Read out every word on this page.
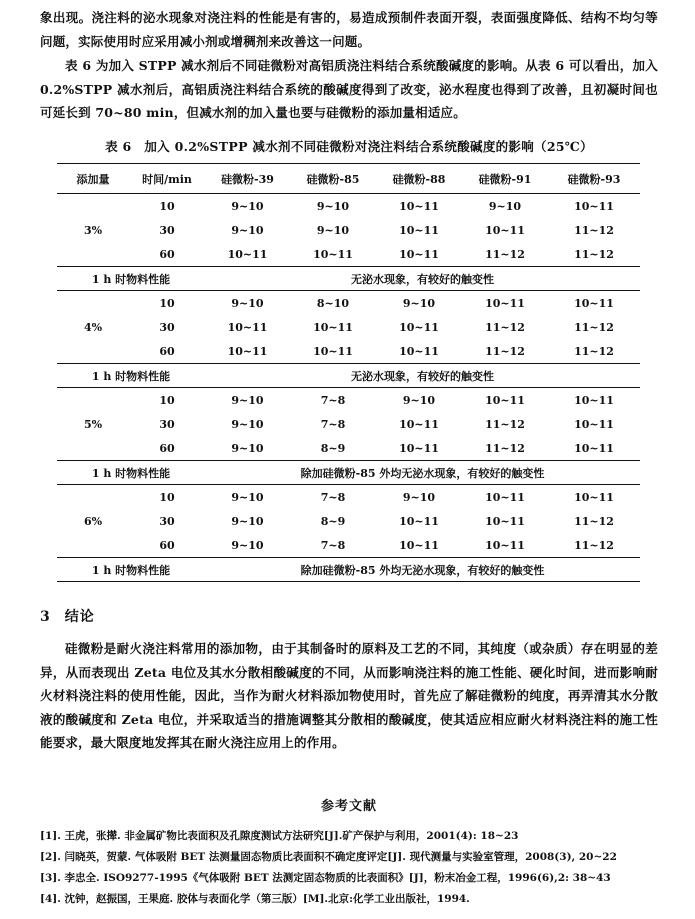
象出现。浇注料的泌水现象对浇注料的性能是有害的，易造成预制件表面开裂，表面强度降低、结构不均匀等问题，实际使用时应采用减小剂或增稠剂来改善这一问题。

表 6 为加入 STPP 减水剂后不同硅微粉对高铝质浇注料结合系统酸碱度的影响。从表 6 可以看出，加入 0.2%STPP 减水剂后，高铝质浇注料结合系统的酸碱度得到了改变，泌水程度也得到了改善，且初凝时间也可延长到 70~80 min，但减水剂的加入量也要与硅微粉的添加量相适应。

表 6　加入 0.2%STPP 减水剂不同硅微粉对浇注料结合系统酸碱度的影响（25℃）
添加量	时间/min	硅微粉-39	硅微粉-85	硅微粉-88	硅微粉-91	硅微粉-93
3%	10	9~10	9~10	10~11	9~10	10~11
	30	9~10	9~10	10~11	10~11	11~12
	60	10~11	10~11	10~11	11~12	11~12
1 h 时物料性能		无泌水现象，有较好的触变性				
4%	10	9~10	8~10	9~10	10~11	10~11
	30	10~11	10~11	10~11	11~12	11~12
	60	10~11	10~11	10~11	11~12	11~12
1 h 时物料性能		无泌水现象，有较好的触变性				
5%	10	9~10	7~8	9~10	10~11	10~11
	30	9~10	7~8	10~11	11~12	10~11
	60	9~10	8~9	10~11	11~12	10~11
1 h 时物料性能		除加硅微粉-85 外均无泌水现象，有较好的触变性				
6%	10	9~10	7~8	9~10	10~11	10~11
	30	9~10	8~9	10~11	10~11	11~12
	60	9~10	7~8	10~11	10~11	11~12
1 h 时物料性能		除加硅微粉-85 外均无泌水现象，有较好的触变性				
3 结论

硅微粉是耐火浇注料常用的添加物，由于其制备时的原料及工艺的不同，其纯度（或杂质）存在明显的差异，从而表现出 Zeta 电位及其水分散相酸碱度的不同，从而影响浇注料的施工性能、硬化时间，进而影响耐火材料浇注料的使用性能，因此，当作为耐火材料添加物使用时，首先应了解硅微粉的纯度，再弄清其水分散液的酸碱度和 Zeta 电位，并采取适当的措施调整其分散相的酸碱度，使其适应相应耐火材料浇注料的施工性能要求，最大限度地发挥其在耐火浇注应用上的作用。

参考文献
[1]. 王虎，张撵. 非金属矿物比表面积及孔隙度测试方法研究[J].矿产保护与利用，2001(4): 18~23
[2]. 闫晓英，贺蒙. 气体吸附 BET 法测量固态物质比表面积不确定度评定[J]. 现代测量与实验室管理，2008(3), 20~22
[3]. 李忠全. ISO9277-1995《气体吸附 BET 法测定固态物质的比表面积》[J]，粉末冶金工程，1996(6),2: 38~43
[4]. 沈钟，赵振国，王果庭. 胶体与表面化学（第三版）[M].北京:化学工业出版社，1994.
